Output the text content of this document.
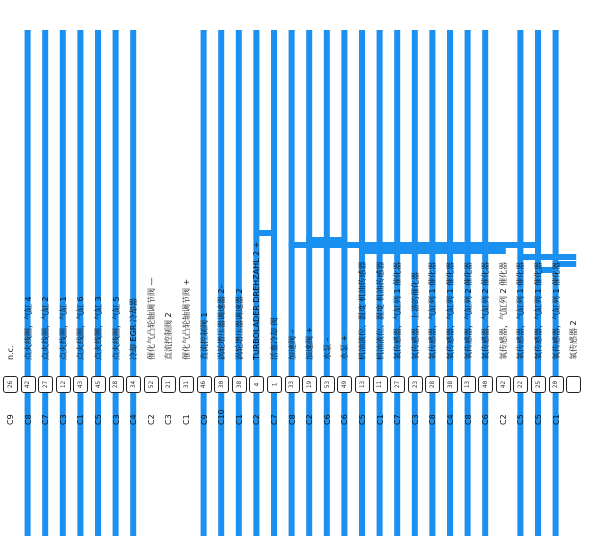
n.c.
C9
26
点火线圈，气缸 4
C8
42
点火线圈，气缸 2
C7
27
点火线圈，气缸 1
C3
12
点火线圈，气缸 6
C1
43
点火线圈，气缸 3
C5
45
点火线圈，气缸 5
C3
28
冷却 EGR 冷却器
C4
34
催化气凸轮轴调节阀 —
C2
52
直流控制阀 2
C3
21
催化气凸轮轴调节阀 +
C1
31
直流控制阀 1
C9
46
涡轮增压器调速器 2–
C10
30
涡轮增压器调速器 2
C1
38
TURBOLADER DREHZAHL 2 +
C2
4
活塞冷却 阀
C7
1
加速阀 –
C8
33
加速阀 +
C2
19
水泵 –
C6
53
水泵 +
C6
49
机油液位、温度 机油传感器
C5
13
机油液位、温度 机油传感器
C1
11
氧传感器，气缸列 1 催化器
C7
27
氧传感器，上游的催化器
C3
23
氧传感器，气缸列 1 催化器
C8
28
氧传感器，气缸列 1 催化器
C4
38
氧传感器，气缸列 2 催化器
C8
13
氧传感器，气缸列 2 催化器
C6
40
氧传感器，气缸列 2 催化器
C2
42
氧传感器，气缸列 1 催化器
C5
22
氧传感器，气缸列 1 催化器
C5
25
氧传感器，气缸列 1 催化器
C1
20
氧传感器 2
